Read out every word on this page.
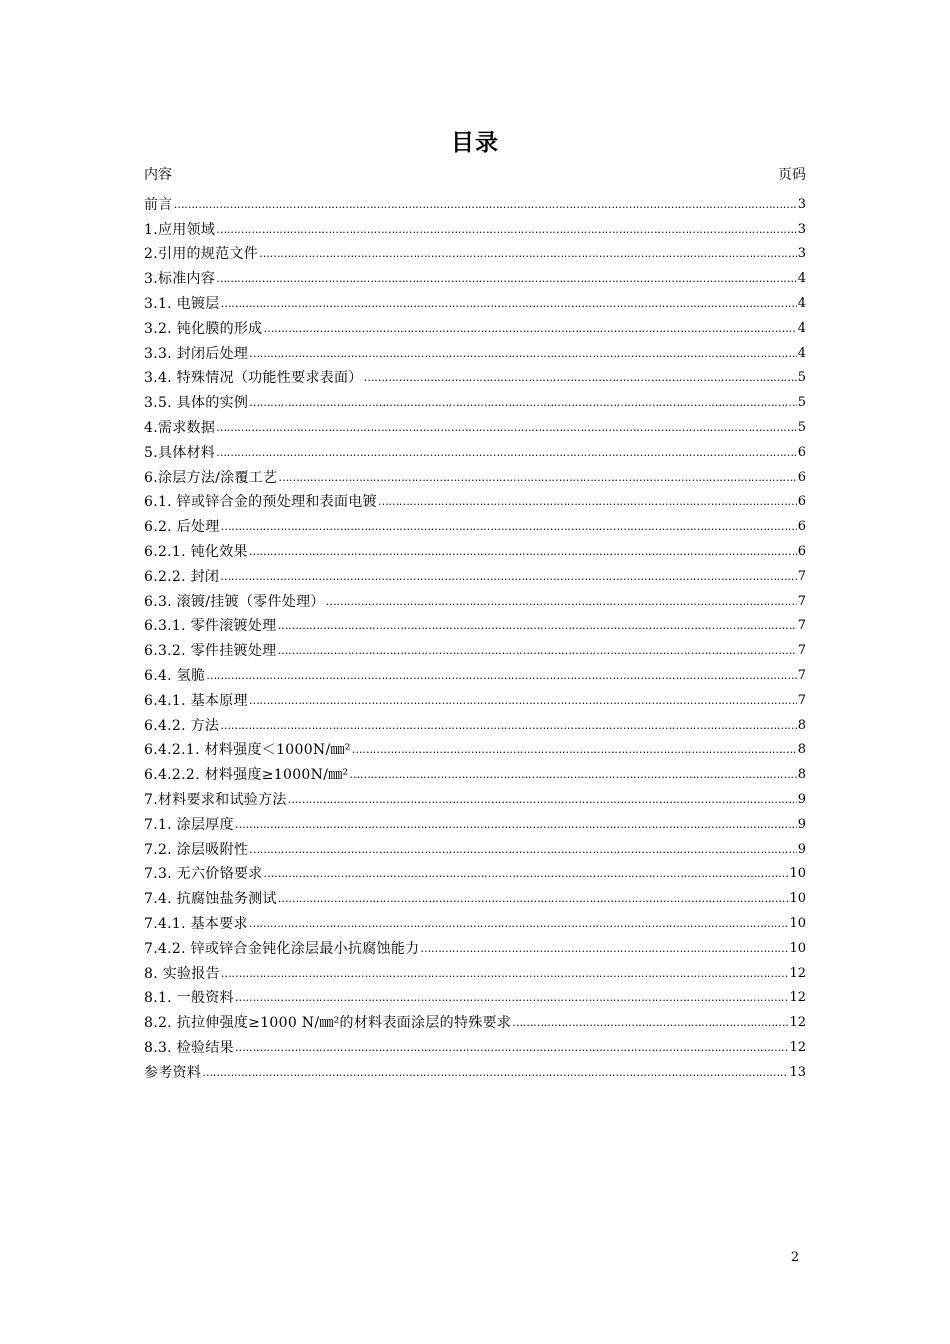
目录
内容	页码
前言 ……………………………………………………………………………………………………………………………………………………………………………………………………………………………………………………………………	3
1.应用领域 ……………………………………………………………………………………………………………………………………………………………………………………………………………………………………………………………………	3
2.引用的规范文件 ……………………………………………………………………………………………………………………………………………………………………………………………………………………………………………………………………	3
3.标准内容 ……………………………………………………………………………………………………………………………………………………………………………………………………………………………………………………………………	4
3.1. 电镀层 ……………………………………………………………………………………………………………………………………………………………………………………………………………………………………………………………………	4
3.2. 钝化膜的形成 ……………………………………………………………………………………………………………………………………………………………………………………………………………………………………………………………………	4
3.3. 封闭后处理 ……………………………………………………………………………………………………………………………………………………………………………………………………………………………………………………………………	4
3.4. 特殊情况（功能性要求表面） ……………………………………………………………………………………………………………………………………………………………………………………………………………………………………………………………………	5
3.5. 具体的实例 ……………………………………………………………………………………………………………………………………………………………………………………………………………………………………………………………………	5
4.需求数据 ……………………………………………………………………………………………………………………………………………………………………………………………………………………………………………………………………	5
5.具体材料 ……………………………………………………………………………………………………………………………………………………………………………………………………………………………………………………………………	6
6.涂层方法/涂覆工艺 ……………………………………………………………………………………………………………………………………………………………………………………………………………………………………………………………………	6
6.1. 锌或锌合金的预处理和表面电镀 ……………………………………………………………………………………………………………………………………………………………………………………………………………………………………………………………………	6
6.2. 后处理 ……………………………………………………………………………………………………………………………………………………………………………………………………………………………………………………………………	6
6.2.1. 钝化效果 ……………………………………………………………………………………………………………………………………………………………………………………………………………………………………………………………………	6
6.2.2. 封闭 ……………………………………………………………………………………………………………………………………………………………………………………………………………………………………………………………………	7
6.3. 滚镀/挂镀（零件处理） ……………………………………………………………………………………………………………………………………………………………………………………………………………………………………………………………………	7
6.3.1. 零件滚镀处理 ……………………………………………………………………………………………………………………………………………………………………………………………………………………………………………………………………	7
6.3.2. 零件挂镀处理 ……………………………………………………………………………………………………………………………………………………………………………………………………………………………………………………………………	7
6.4. 氢脆 ……………………………………………………………………………………………………………………………………………………………………………………………………………………………………………………………………	7
6.4.1. 基本原理 ……………………………………………………………………………………………………………………………………………………………………………………………………………………………………………………………………	7
6.4.2. 方法 ……………………………………………………………………………………………………………………………………………………………………………………………………………………………………………………………………	8
6.4.2.1. 材料强度＜1000N/㎜² ……………………………………………………………………………………………………………………………………………………………………………………………………………………………………………………………………	8
6.4.2.2. 材料强度≥1000N/㎜² ……………………………………………………………………………………………………………………………………………………………………………………………………………………………………………………………………	8
7.材料要求和试验方法 ……………………………………………………………………………………………………………………………………………………………………………………………………………………………………………………………………	9
7.1. 涂层厚度 ……………………………………………………………………………………………………………………………………………………………………………………………………………………………………………………………………	9
7.2. 涂层吸附性 ……………………………………………………………………………………………………………………………………………………………………………………………………………………………………………………………………	9
7.3. 无六价铬要求 ……………………………………………………………………………………………………………………………………………………………………………………………………………………………………………………………………	10
7.4. 抗腐蚀盐务测试 ……………………………………………………………………………………………………………………………………………………………………………………………………………………………………………………………………	10
7.4.1. 基本要求 ……………………………………………………………………………………………………………………………………………………………………………………………………………………………………………………………………	10
7.4.2. 锌或锌合金钝化涂层最小抗腐蚀能力 ……………………………………………………………………………………………………………………………………………………………………………………………………………………………………………………………………	10
8. 实验报告 ……………………………………………………………………………………………………………………………………………………………………………………………………………………………………………………………………	12
8.1. 一般资料 ……………………………………………………………………………………………………………………………………………………………………………………………………………………………………………………………………	12
8.2. 抗拉伸强度≥1000 N/㎜²的材料表面涂层的特殊要求 ……………………………………………………………………………………………………………………………………………………………………………………………………………………………………………………………………	12
8.3. 检验结果 ……………………………………………………………………………………………………………………………………………………………………………………………………………………………………………………………………	12
参考资料 ……………………………………………………………………………………………………………………………………………………………………………………………………………………………………………………………………	13
2
